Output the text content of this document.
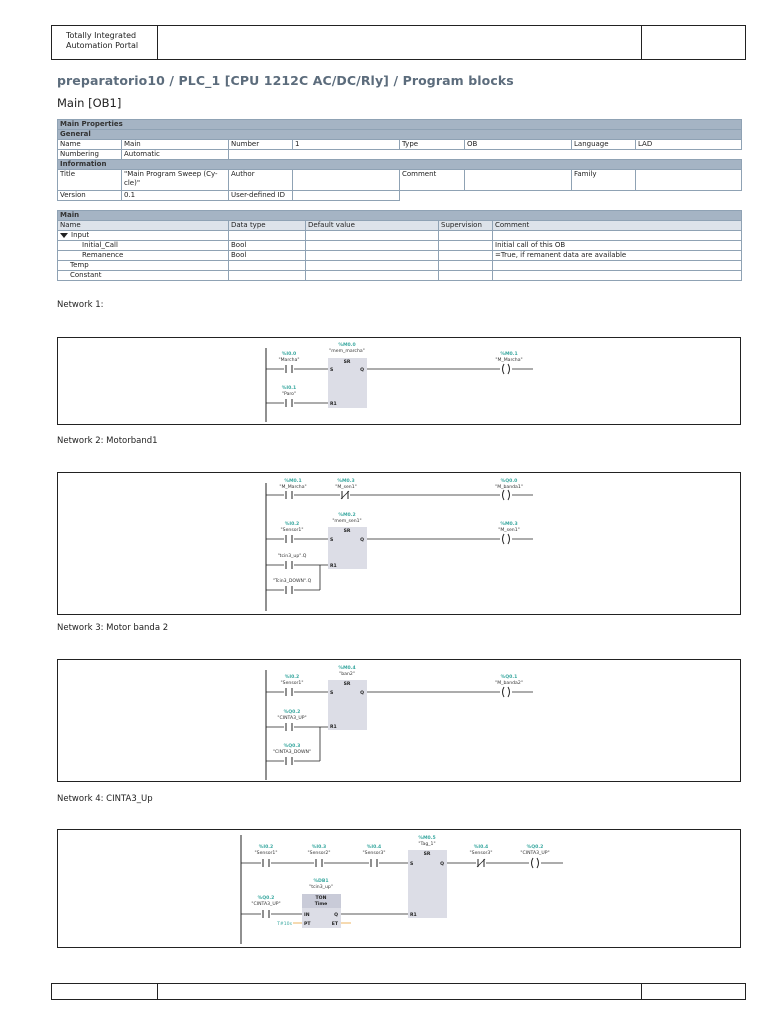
Totally Integrated
Automation Portal
preparatorio10 / PLC_1 [CPU 1212C AC/DC/Rly] / Program blocks
Main [OB1]
Main Properties							
General							
Name	Main	Number	1	Type	OB	Language	LAD
Numbering	Automatic						
Information							
Title	"Main Program Sweep (Cy-cle)"	Author		Comment		Family	
Version	0.1	User-defined ID					
Main				
Name	Data type	Default value	Supervision	Comment
Input				
Initial_Call	Bool			Initial call of this OB
Remanence	Bool			=True, if remanent data are available
Temp				
Constant				
Network 1:
%I0.0
"Marcha"
%I0.1
"Paro"
%M0.0
"mem_marcha"
SR
S	Q
R1
%M0.1
"M_Marcha"
Network 2: Motorband1
%M0.1
"M_Marcha"
%M0.3
"M_sen1"
%Q0.0
"M_banda1"
%I0.2
"Sensor1"
%M0.2
"mem_sen1"
SR
S	Q
R1
%M0.3
"M_sen1"
"tcin3_up".Q
"Tcin3_DOWN".Q
Network 3: Motor banda 2
%I0.2
"Sensor1"
%M0.4
"ban2"
SR
S	Q
R1
%Q0.1
"M_banda2"
%Q0.2
"CINTA3_UP"
%Q0.3
"CINTA3_DOWN"
Network 4: CINTA3_Up
%I0.2
"Sensor1"
%I0.3
"Sensor2"
%I0.4
"Sensor3"
%M0.5
"Tag_1"
SR
S	Q
R1
%I0.4
"Sensor3"
%Q0.2
"CINTA3_UP"
%Q0.2
"CINTA3_UP"
%DB1
"tcin3_up"
TON
Time
IN	Q
PT	ET
T#10s
